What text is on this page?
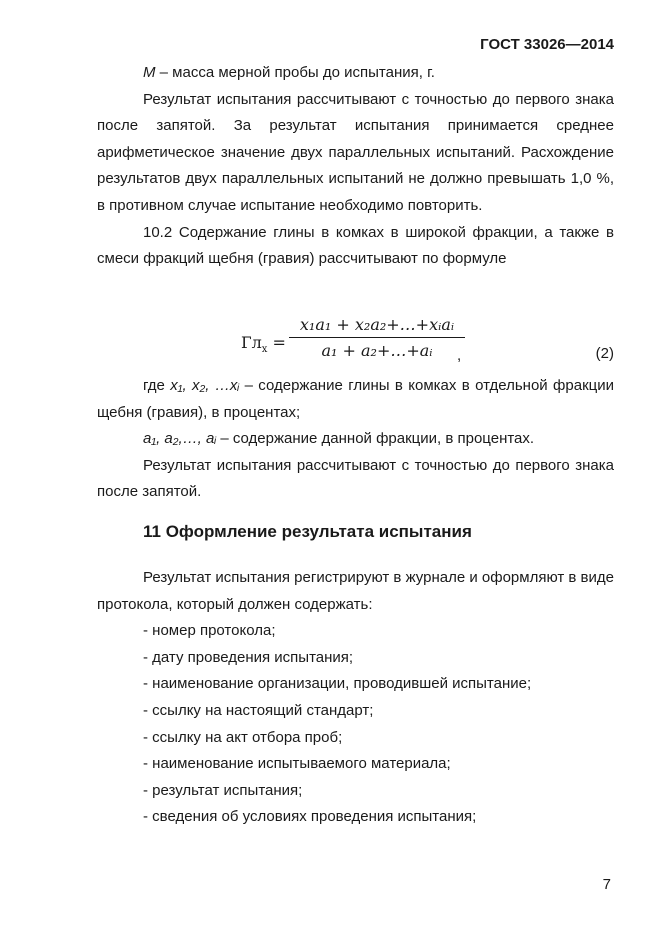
ГОСТ 33026—2014

M – масса мерной пробы до испытания, г.

Результат испытания рассчитывают с точностью до первого знака после запятой. За результат испытания принимается среднее арифметическое значение двух параллельных испытаний. Расхождение результатов двух параллельных испытаний не должно превышать 1,0 %, в противном случае испытание необходимо повторить.

10.2 Содержание глины в комках в широкой фракции, а также в смеси фракций щебня (гравия) рассчитывают по формуле

$Гл_х$ =
x₁a₁ + x₂a₂+…+xᵢaᵢ
a₁ + a₂+…+aᵢ	,	(2)

где x₁, x₂, …xᵢ – содержание глины в комках в отдельной фракции щебня (гравия), в процентах;

a₁, a₂,…, aᵢ – содержание данной фракции, в процентах.

Результат испытания рассчитывают с точностью до первого знака после запятой.

11 Оформление результата испытания

Результат испытания регистрируют в журнале и оформляют в виде протокола, который должен содержать:

- номер протокола;

- дату проведения испытания;

- наименование организации, проводившей испытание;

- ссылку на настоящий стандарт;

- ссылку на акт отбора проб;

- наименование испытываемого материала;

- результат испытания;

- сведения об условиях проведения испытания;

7
